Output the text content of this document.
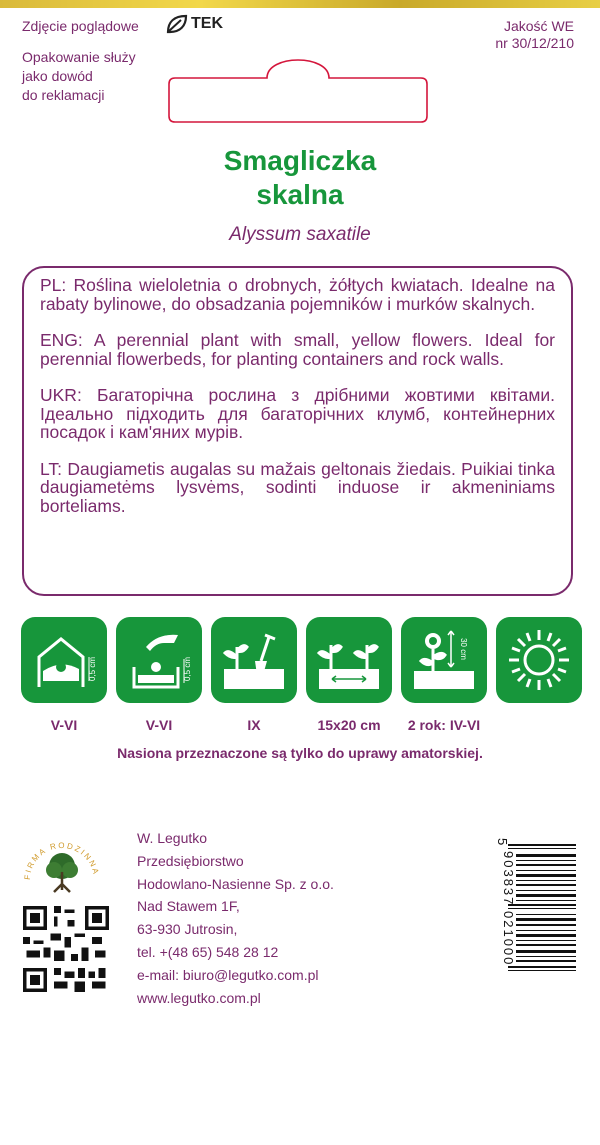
Zdjęcie poglądowe	TEK
Opakowanie służy
jako dowód
do reklamacji
Jakość WE
nr 30/12/210
Smagliczka
skalna
Alyssum saxatile

PL: Roślina wieloletnia o drobnych, żółtych kwiatach. Idealne na rabaty bylinowe, do obsadzania pojemników i murków skalnych.

ENG: A perennial plant with small, yellow flowers. Ideal for perennial flowerbeds, for planting containers and rock walls.

UKR: Багаторічна рослина з дрібними жовтими квітами. Ідеально підходить для багаторічних клумб, контейнерних посадок і кам'яних мурів.

LT: Daugiametis augalas su mažais geltonais žiedais. Puikiai tinka daugiametėms lysvėms, sodinti induose ir akmeniniams borteliams.

0,5 cm	0,5 cm
30 cm
V-VI	V-VI	IX	15x20 cm	2 rok: IV-VI
Nasiona przeznaczone są tylko do uprawy amatorskiej.
FIRMA RODZINNA
W. Legutko
Przedsiębiorstwo
Hodowlano-Nasienne Sp. z o.o.
Nad Stawem 1F,
63-930 Jutrosin,
tel. +(48 65) 548 28 12
e-mail: biuro@legutko.com.pl
www.legutko.com.pl
5
903837
021000
